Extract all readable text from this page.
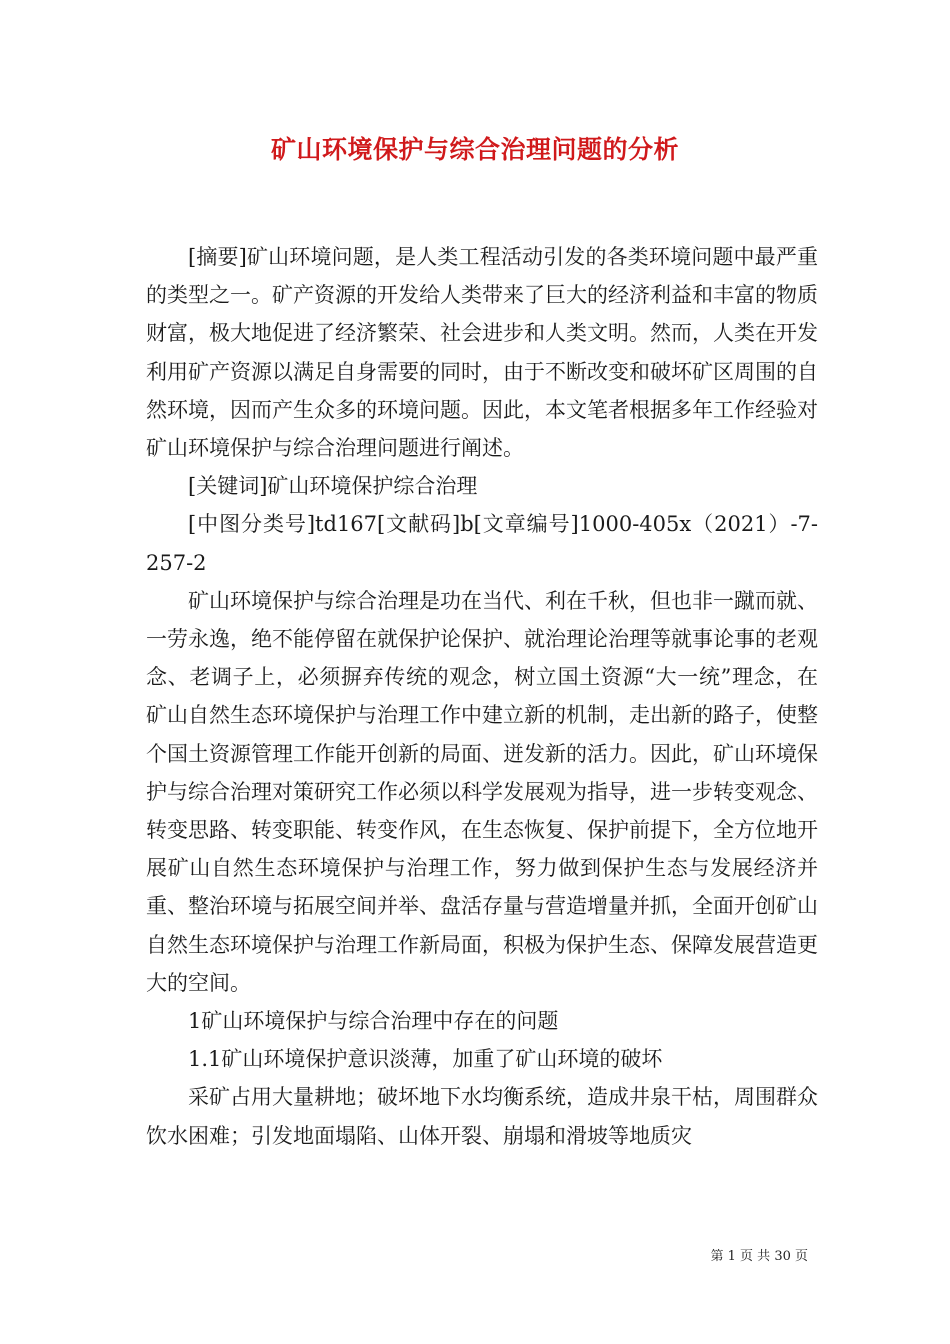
矿山环境保护与综合治理问题的分析

[摘要]矿山环境问题，是人类工程活动引发的各类环境问题中最严重的类型之一。矿产资源的开发给人类带来了巨大的经济利益和丰富的物质财富，极大地促进了经济繁荣、社会进步和人类文明。然而，人类在开发利用矿产资源以满足自身需要的同时，由于不断改变和破坏矿区周围的自然环境，因而产生众多的环境问题。因此，本文笔者根据多年工作经验对矿山环境保护与综合治理问题进行阐述。

[关键词]矿山环境保护综合治理

[中图分类号]td167[文献码]b[文章编号]1000-405x（2021）-7-257-2

矿山环境保护与综合治理是功在当代、利在千秋，但也非一蹴而就、一劳永逸，绝不能停留在就保护论保护、就治理论治理等就事论事的老观念、老调子上，必须摒弃传统的观念，树立国土资源“大一统”理念，在矿山自然生态环境保护与治理工作中建立新的机制，走出新的路子，使整个国土资源管理工作能开创新的局面、迸发新的活力。因此，矿山环境保护与综合治理对策研究工作必须以科学发展观为指导，进一步转变观念、转变思路、转变职能、转变作风，在生态恢复、保护前提下，全方位地开展矿山自然生态环境保护与治理工作，努力做到保护生态与发展经济并重、整治环境与拓展空间并举、盘活存量与营造增量并抓，全面开创矿山自然生态环境保护与治理工作新局面，积极为保护生态、保障发展营造更大的空间。

1矿山环境保护与综合治理中存在的问题

1.1矿山环境保护意识淡薄，加重了矿山环境的破坏

采矿占用大量耕地；破坏地下水均衡系统，造成井泉干枯，周围群众饮水困难；引发地面塌陷、山体开裂、崩塌和滑坡等地质灾

第 1 页 共 30 页
